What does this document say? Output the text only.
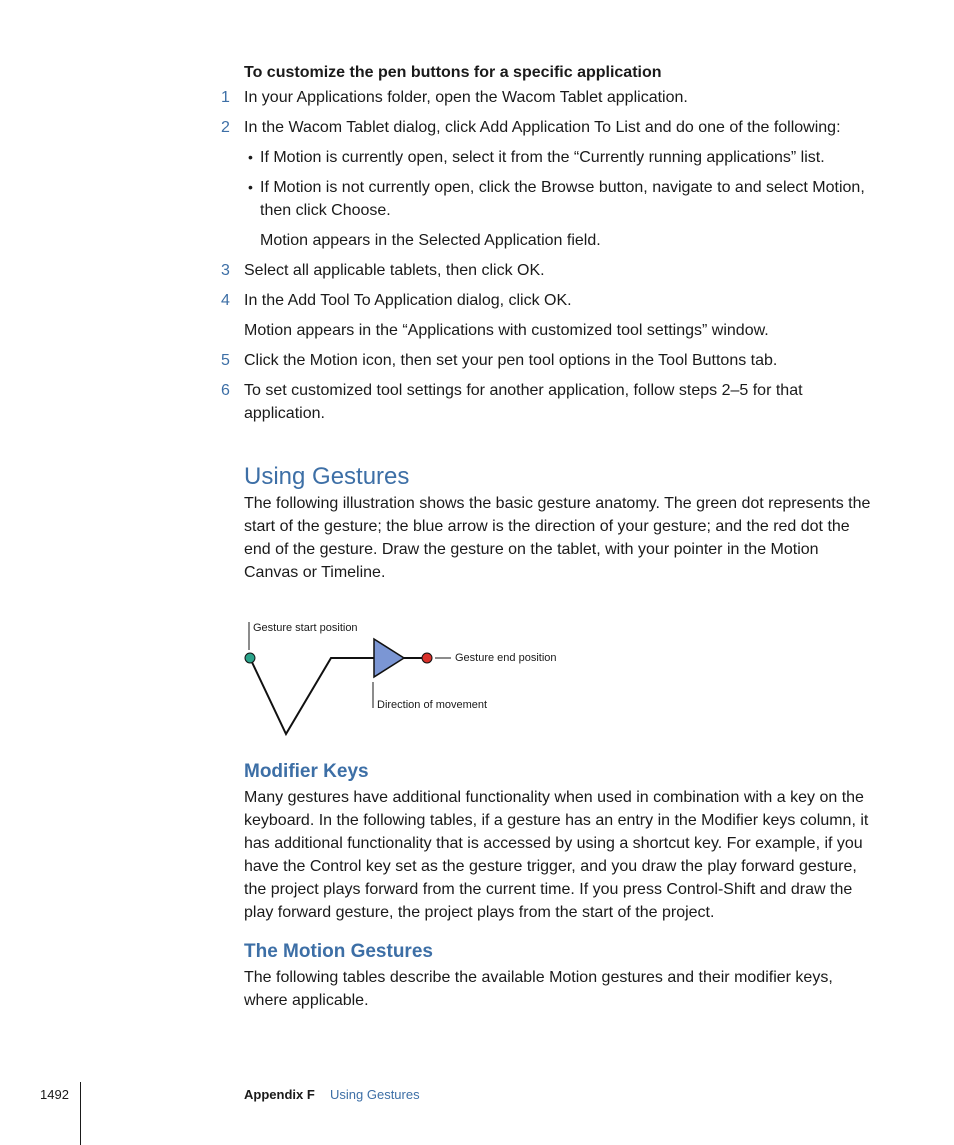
To customize the pen buttons for a specific application
1 In your Applications folder, open the Wacom Tablet application.
2 In the Wacom Tablet dialog, click Add Application To List and do one of the following:
• If Motion is currently open, select it from the “Currently running applications” list.
• If Motion is not currently open, click the Browse button, navigate to and select Motion, then click Choose.
Motion appears in the Selected Application field.
3 Select all applicable tablets, then click OK.
4 In the Add Tool To Application dialog, click OK.
Motion appears in the “Applications with customized tool settings” window.
5 Click the Motion icon, then set your pen tool options in the Tool Buttons tab.
6 To set customized tool settings for another application, follow steps 2–5 for that application.
Using Gestures
The following illustration shows the basic gesture anatomy. The green dot represents the start of the gesture; the blue arrow is the direction of your gesture; and the red dot the end of the gesture. Draw the gesture on the tablet, with your pointer in the Motion Canvas or Timeline.
Gesture start position
Gesture end position
Direction of movement
Modifier Keys
Many gestures have additional functionality when used in combination with a key on the keyboard. In the following tables, if a gesture has an entry in the Modifier keys column, it has additional functionality that is accessed by using a shortcut key. For example, if you have the Control key set as the gesture trigger, and you draw the play forward gesture, the project plays forward from the current time. If you press Control-Shift and draw the play forward gesture, the project plays from the start of the project.
The Motion Gestures
The following tables describe the available Motion gestures and their modifier keys, where applicable.
1492	Appendix F Using Gestures
